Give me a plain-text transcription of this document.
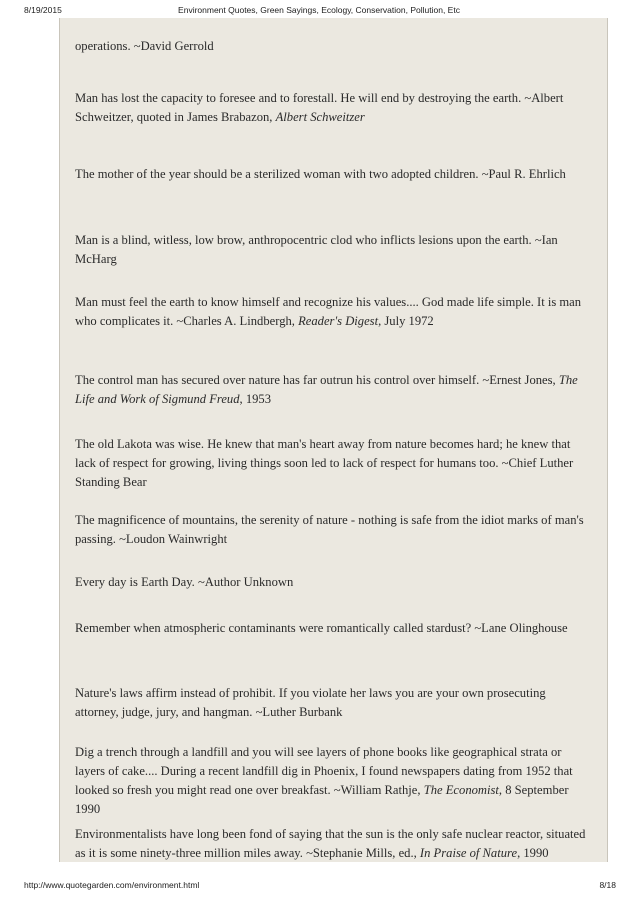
8/19/2015	Environment Quotes, Green Sayings, Ecology, Conservation, Pollution, Etc

operations. ~David Gerrold

Man has lost the capacity to foresee and to forestall. He will end by destroying the earth. ~Albert Schweitzer, quoted in James Brabazon, Albert Schweitzer

The mother of the year should be a sterilized woman with two adopted children. ~Paul R. Ehrlich

Man is a blind, witless, low brow, anthropocentric clod who inflicts lesions upon the earth. ~Ian McHarg

Man must feel the earth to know himself and recognize his values.... God made life simple. It is man who complicates it. ~Charles A. Lindbergh, Reader's Digest, July 1972

The control man has secured over nature has far outrun his control over himself. ~Ernest Jones, The Life and Work of Sigmund Freud, 1953

The old Lakota was wise. He knew that man's heart away from nature becomes hard; he knew that lack of respect for growing, living things soon led to lack of respect for humans too. ~Chief Luther Standing Bear

The magnificence of mountains, the serenity of nature - nothing is safe from the idiot marks of man's passing. ~Loudon Wainwright

Every day is Earth Day. ~Author Unknown

Remember when atmospheric contaminants were romantically called stardust? ~Lane Olinghouse

Nature's laws affirm instead of prohibit. If you violate her laws you are your own prosecuting attorney, judge, jury, and hangman. ~Luther Burbank

Dig a trench through a landfill and you will see layers of phone books like geographical strata or layers of cake.... During a recent landfill dig in Phoenix, I found newspapers dating from 1952 that looked so fresh you might read one over breakfast. ~William Rathje, The Economist, 8 September 1990

Environmentalists have long been fond of saying that the sun is the only safe nuclear reactor, situated as it is some ninety-three million miles away. ~Stephanie Mills, ed., In Praise of Nature, 1990

http://www.quotegarden.com/environment.html	8/18
